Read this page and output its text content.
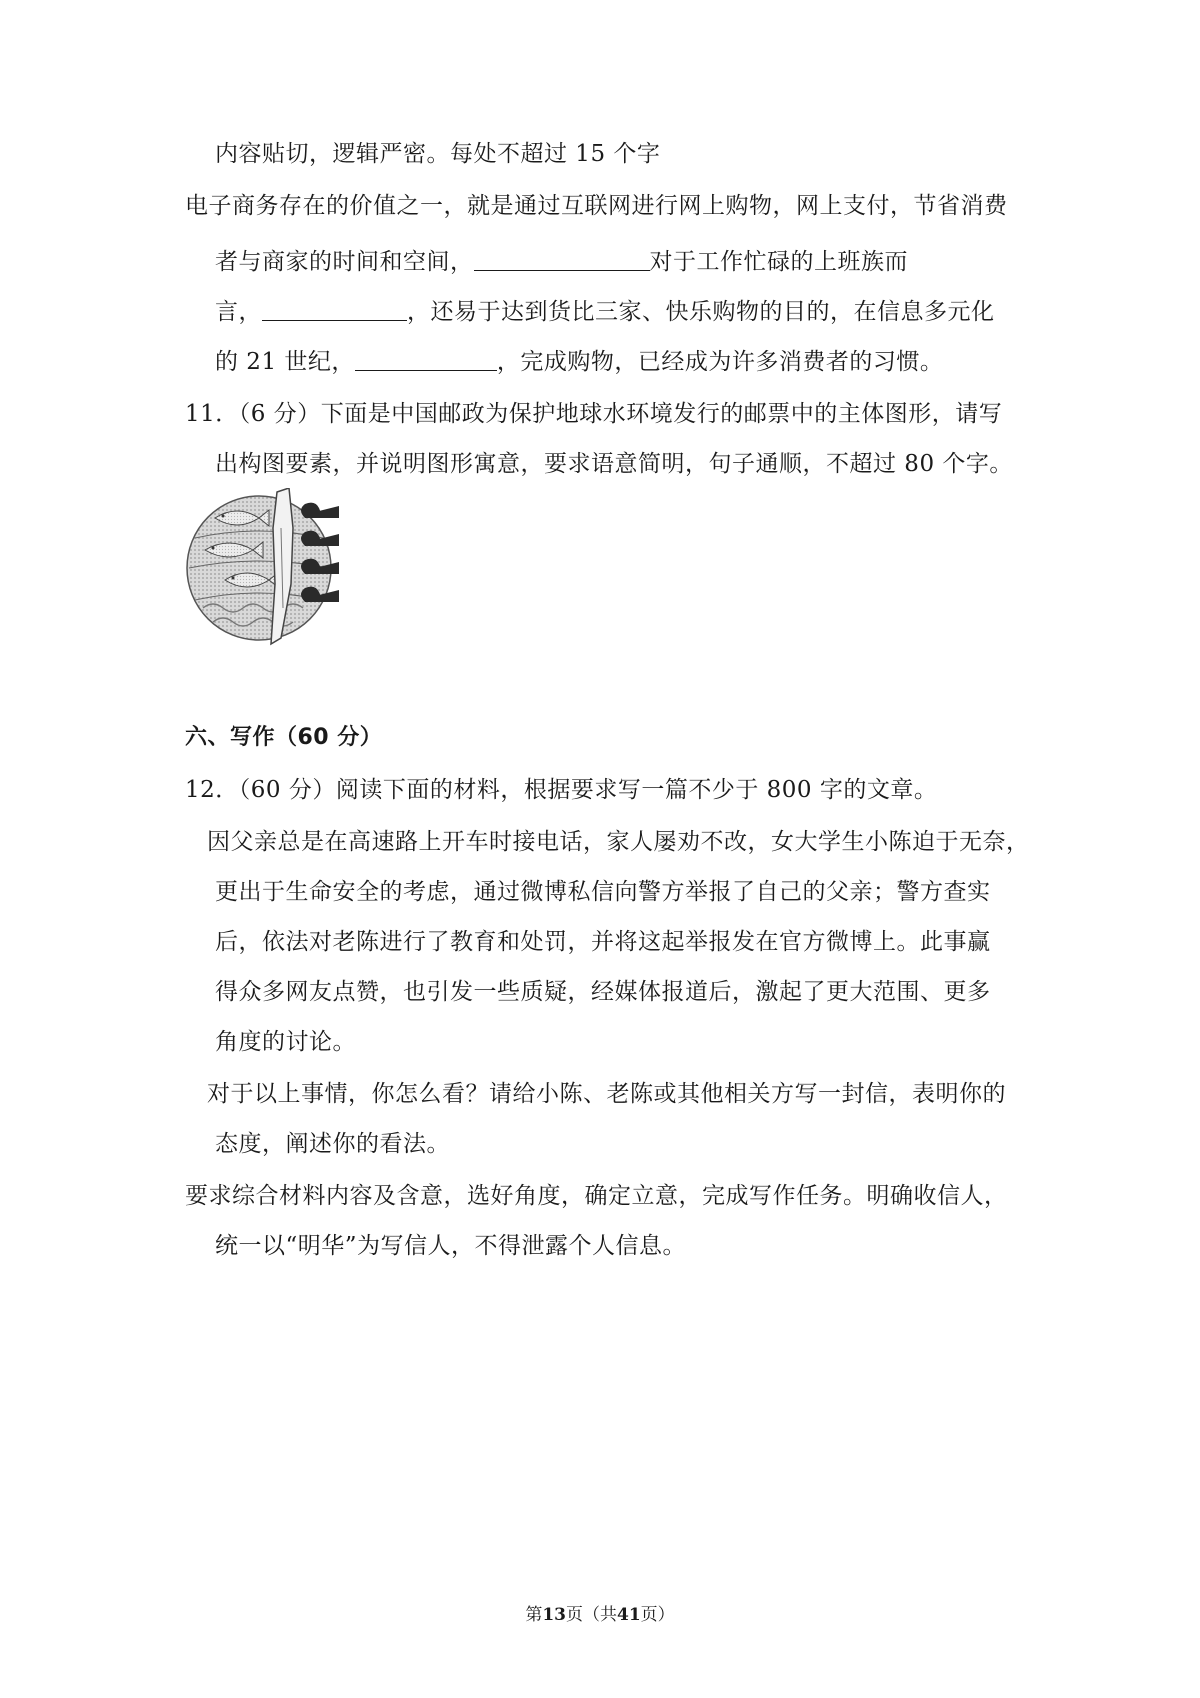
内容贴切，逻辑严密。每处不超过 15 个字
电子商务存在的价值之一，就是通过互联网进行网上购物，网上支付，节省消费
者与商家的时间和空间，	对于工作忙碌的上班族而
言，	，还易于达到货比三家、快乐购物的目的，在信息多元化
的 21 世纪，	，完成购物，已经成为许多消费者的习惯。
11．（6 分）下面是中国邮政为保护地球水环境发行的邮票中的主体图形，请写
出构图要素，并说明图形寓意，要求语意简明，句子通顺，不超过 80 个字。
六、写作（60 分）
12．（60 分）阅读下面的材料，根据要求写一篇不少于 800 字的文章。
因父亲总是在高速路上开车时接电话，家人屡劝不改，女大学生小陈迫于无奈，
更出于生命安全的考虑，通过微博私信向警方举报了自己的父亲；警方查实
后，依法对老陈进行了教育和处罚，并将这起举报发在官方微博上。此事赢
得众多网友点赞，也引发一些质疑，经媒体报道后，激起了更大范围、更多
角度的讨论。
对于以上事情，你怎么看？请给小陈、老陈或其他相关方写一封信，表明你的
态度，阐述你的看法。
要求综合材料内容及含意，选好角度，确定立意，完成写作任务。明确收信人，
统一以“明华”为写信人，不得泄露个人信息。
第13页（共41页）
